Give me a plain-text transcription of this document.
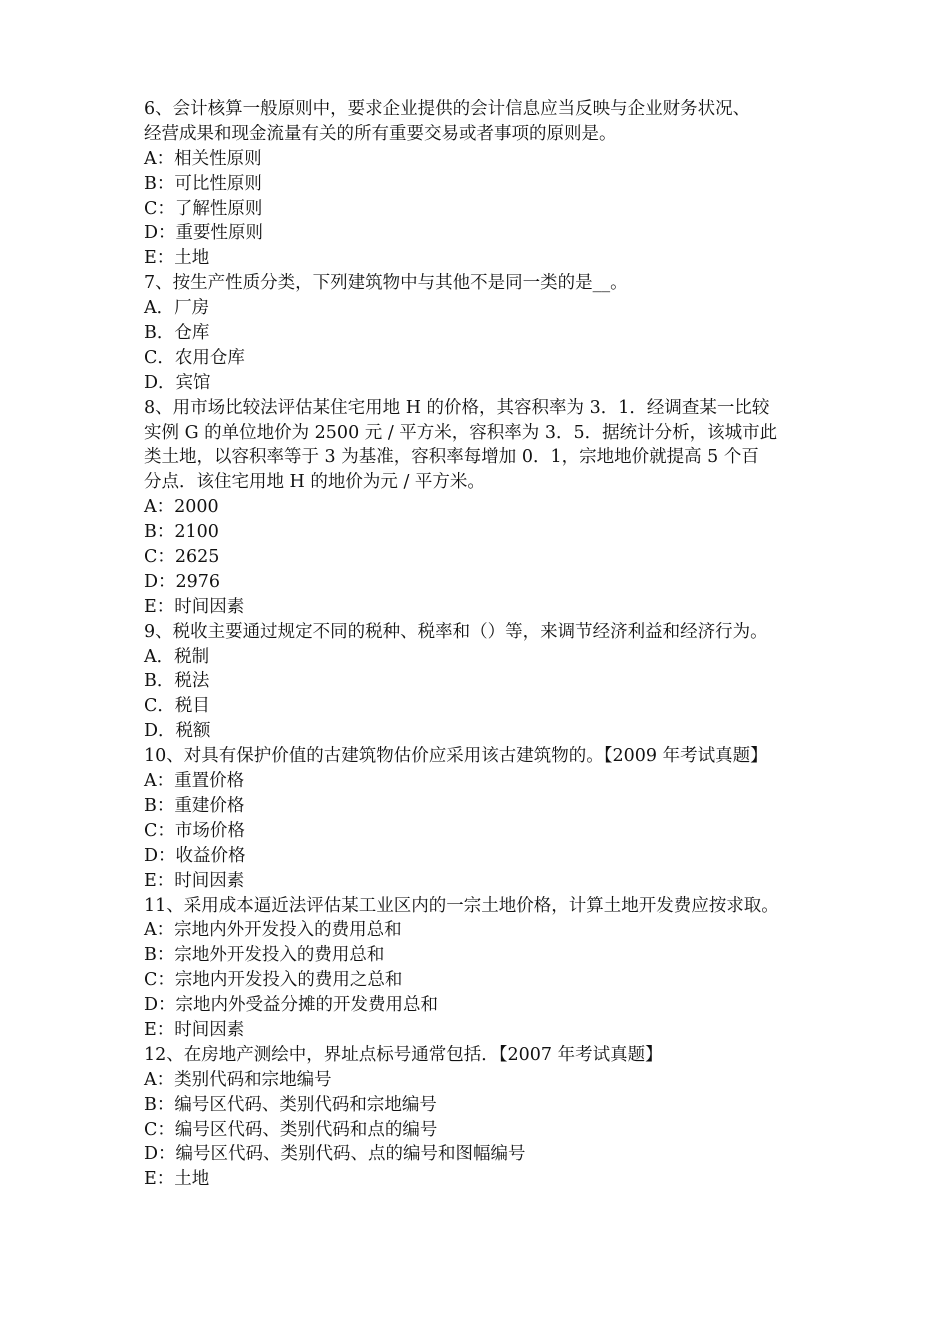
6、会计核算一般原则中，要求企业提供的会计信息应当反映与企业财务状况、
经营成果和现金流量有关的所有重要交易或者事项的原则是。
A：相关性原则
B：可比性原则
C：了解性原则
D：重要性原则
E：土地
7、按生产性质分类，下列建筑物中与其他不是同一类的是__。
A．厂房
B．仓库
C．农用仓库
D．宾馆
8、用市场比较法评估某住宅用地 H 的价格，其容积率为 3．1．经调查某一比较
实例 G 的单位地价为 2500 元 / 平方米，容积率为 3．5．据统计分析，该城市此
类土地，以容积率等于 3 为基准，容积率每增加 0．1，宗地地价就提高 5 个百
分点．该住宅用地 H 的地价为元 / 平方米。
A：2000
B：2100
C：2625
D：2976
E：时间因素
9、税收主要通过规定不同的税种、税率和（）等，来调节经济利益和经济行为。
A．税制
B．税法
C．税目
D．税额
10、对具有保护价值的古建筑物估价应采用该古建筑物的。【2009 年考试真题】
A：重置价格
B：重建价格
C：市场价格
D：收益价格
E：时间因素
11、采用成本逼近法评估某工业区内的一宗土地价格，计算土地开发费应按求取。
A：宗地内外开发投入的费用总和
B：宗地外开发投入的费用总和
C：宗地内开发投入的费用之总和
D：宗地内外受益分摊的开发费用总和
E：时间因素
12、在房地产测绘中，界址点标号通常包括．【2007 年考试真题】
A：类别代码和宗地编号
B：编号区代码、类别代码和宗地编号
C：编号区代码、类别代码和点的编号
D：编号区代码、类别代码、点的编号和图幅编号
E：土地
